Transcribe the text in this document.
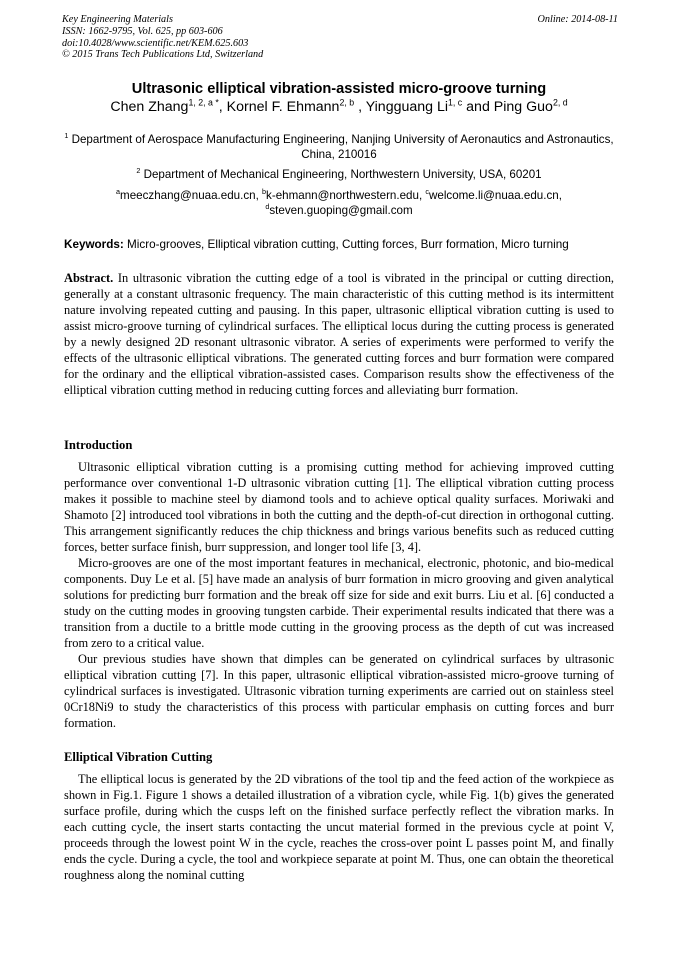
Key Engineering Materials
ISSN: 1662-9795, Vol. 625, pp 603-606
doi:10.4028/www.scientific.net/KEM.625.603
© 2015 Trans Tech Publications Ltd, Switzerland
Online: 2014-08-11
Ultrasonic elliptical vibration-assisted micro-groove turning
Chen Zhang$^{1, 2, a *}$, Kornel F. Ehmann$^{2, b}$ , Yingguang Li$^{1, c}$ and Ping Guo$^{2, d}$
$^1$ Department of Aerospace Manufacturing Engineering, Nanjing University of Aeronautics and Astronautics, China, 210016
$^2$ Department of Mechanical Engineering, Northwestern University, USA, 60201
$^a$meeczhang@nuaa.edu.cn, $^b$k-ehmann@northwestern.edu, $^c$welcome.li@nuaa.edu.cn,
$^d$steven.guoping@gmail.com
Keywords: Micro-grooves, Elliptical vibration cutting, Cutting forces, Burr formation, Micro turning

Abstract. In ultrasonic vibration the cutting edge of a tool is vibrated in the principal or cutting direction, generally at a constant ultrasonic frequency. The main characteristic of this cutting method is its intermittent nature involving repeated cutting and pausing. In this paper, ultrasonic elliptical vibration cutting is used to assist micro-groove turning of cylindrical surfaces. The elliptical locus during the cutting process is generated by a newly designed 2D resonant ultrasonic vibrator. A series of experiments were performed to verify the effects of the ultrasonic elliptical vibrations. The generated cutting forces and burr formation were compared for the ordinary and the elliptical vibration-assisted cases. Comparison results show the effectiveness of the elliptical vibration cutting method in reducing cutting forces and alleviating burr formation.

Introduction

Ultrasonic elliptical vibration cutting is a promising cutting method for achieving improved cutting performance over conventional 1-D ultrasonic vibration cutting [1]. The elliptical vibration cutting process makes it possible to machine steel by diamond tools and to achieve optical quality surfaces. Moriwaki and Shamoto [2] introduced tool vibrations in both the cutting and the depth-of-cut direction in orthogonal cutting. This arrangement significantly reduces the chip thickness and brings various benefits such as reduced cutting forces, better surface finish, burr suppression, and longer tool life [3, 4].

Micro-grooves are one of the most important features in mechanical, electronic, photonic, and bio-medical components. Duy Le et al. [5] have made an analysis of burr formation in micro grooving and given analytical solutions for predicting burr formation and the break off size for side and exit burrs. Liu et al. [6] conducted a study on the cutting modes in grooving tungsten carbide. Their experimental results indicated that there was a transition from a ductile to a brittle mode cutting in the grooving process as the depth of cut was increased from zero to a critical value.

Our previous studies have shown that dimples can be generated on cylindrical surfaces by ultrasonic elliptical vibration cutting [7]. In this paper, ultrasonic elliptical vibration-assisted micro-groove turning of cylindrical surfaces is investigated. Ultrasonic vibration turning experiments are carried out on stainless steel 0Cr18Ni9 to study the characteristics of this process with particular emphasis on cutting forces and burr formation.

Elliptical Vibration Cutting

The elliptical locus is generated by the 2D vibrations of the tool tip and the feed action of the workpiece as shown in Fig.1. Figure 1 shows a detailed illustration of a vibration cycle, while Fig. 1(b) gives the generated surface profile, during which the cusps left on the finished surface perfectly reflect the vibration marks. In each cutting cycle, the insert starts contacting the uncut material formed in the previous cycle at point V, proceeds through the lowest point W in the cycle, reaches the cross-over point L passes point M, and finally ends the cycle. During a cycle, the tool and workpiece separate at point M. Thus, one can obtain the theoretical roughness along the nominal cutting
